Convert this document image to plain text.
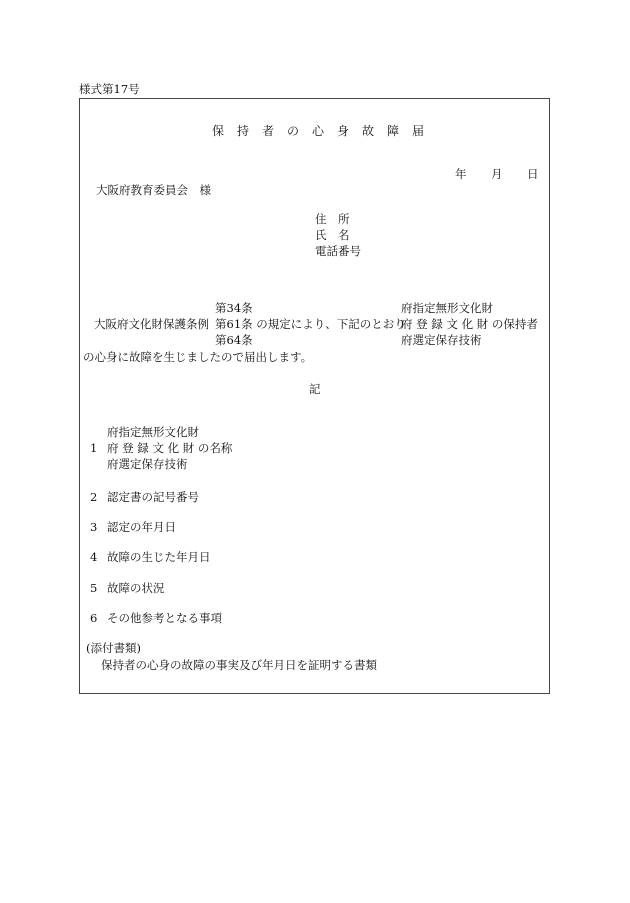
様式第17号
保持者の心身故障届
年 月 日
大阪府教育委員会　様
住　所
氏　名
電話番号
第34条	府指定無形文化財
大阪府文化財保護条例 第61条 の規定により、下記のとおり
府 登 録 文 化 財 の保持者
第64条	府選定保存技術
の心身に故障を生じましたので届出します。
記
府指定無形文化財
1 府 登 録 文 化 財 の名称
府選定保存技術
2 認定書の記号番号
3 認定の年月日
4 故障の生じた年月日
5 故障の状況
6 その他参考となる事項
(添付書類)
保持者の心身の故障の事実及び年月日を証明する書類
